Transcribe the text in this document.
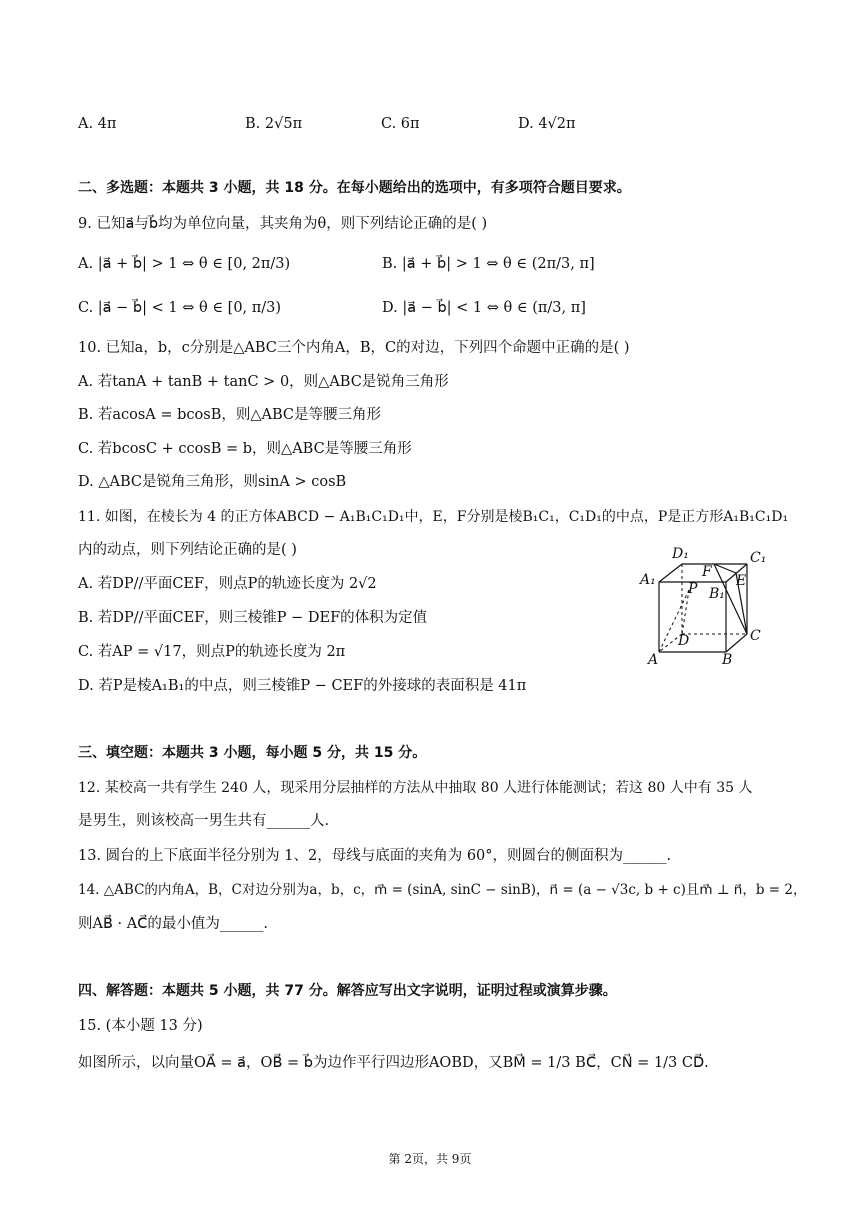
A. 4π	B. 2√5π	C. 6π	D. 4√2π
二、多选题：本题共 3 小题，共 18 分。在每小题给出的选项中，有多项符合题目要求。
9. 已知a⃗与b⃗均为单位向量，其夹角为θ，则下列结论正确的是( )
A. |a⃗ + b⃗| > 1 ⇔ θ ∈ [0, 2π/3)	B. |a⃗ + b⃗| > 1 ⇔ θ ∈ (2π/3, π]
C. |a⃗ − b⃗| < 1 ⇔ θ ∈ [0, π/3)	D. |a⃗ − b⃗| < 1 ⇔ θ ∈ (π/3, π]
10. 已知a，b，c分别是△ABC三个内角A，B，C的对边，下列四个命题中正确的是( )
A. 若tanA + tanB + tanC > 0，则△ABC是锐角三角形
B. 若acosA = bcosB，则△ABC是等腰三角形
C. 若bcosC + ccosB = b，则△ABC是等腰三角形
D. △ABC是锐角三角形，则sinA > cosB
11. 如图，在棱长为 4 的正方体ABCD − A₁B₁C₁D₁中，E，F分别是棱B₁C₁，C₁D₁的中点，P是正方形A₁B₁C₁D₁
内的动点，则下列结论正确的是( )
A. 若DP//平面CEF，则点P的轨迹长度为 2√2
B. 若DP//平面CEF，则三棱锥P − DEF的体积为定值
C. 若AP = √17，则点P的轨迹长度为 2π
D. 若P是棱A₁B₁的中点，则三棱锥P − CEF的外接球的表面积是 41π
D₁	C₁
A₁
B₁
F
E
P
D	C
A	B
三、填空题：本题共 3 小题，每小题 5 分，共 15 分。
12. 某校高一共有学生 240 人，现采用分层抽样的方法从中抽取 80 人进行体能测试；若这 80 人中有 35 人
是男生，则该校高一男生共有______人.
13. 圆台的上下底面半径分别为 1、2，母线与底面的夹角为 60°，则圆台的侧面积为______.
14. △ABC的内角A，B，C对边分别为a，b，c，m⃗ = (sinA, sinC − sinB)，n⃗ = (a − √3c, b + c)且m⃗ ⊥ n⃗，b = 2，
则AB⃗ · AC⃗的最小值为______.
四、解答题：本题共 5 小题，共 77 分。解答应写出文字说明，证明过程或演算步骤。
15. (本小题 13 分)
如图所示，以向量OA⃗ = a⃗，OB⃗ = b⃗为边作平行四边形AOBD，又BM⃗ = 1/3 BC⃗，CN⃗ = 1/3 CD⃗.
第 2页，共 9页
